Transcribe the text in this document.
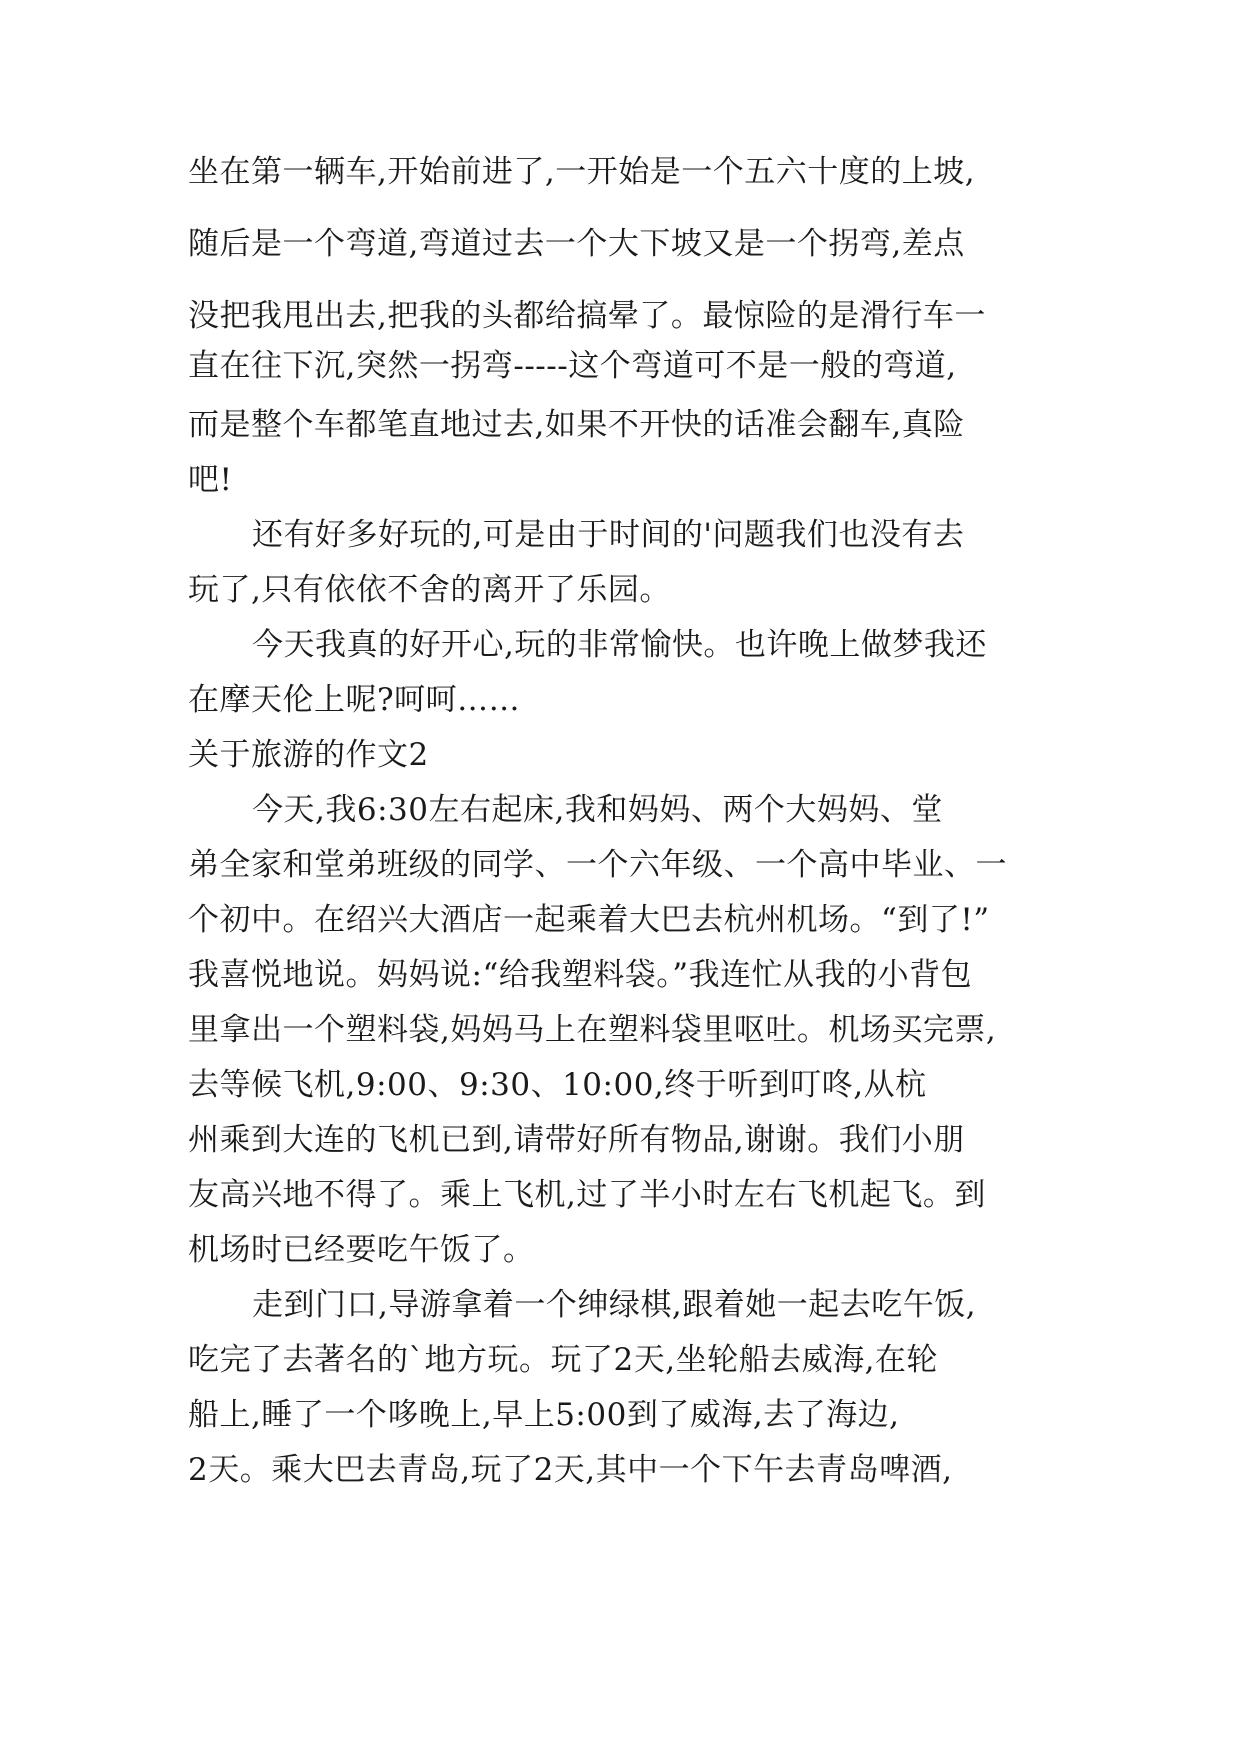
坐在第一辆车,开始前进了,一开始是一个五六十度的上坡,
随后是一个弯道,弯道过去一个大下坡又是一个拐弯,差点
没把我甩出去,把我的头都给搞晕了。最惊险的是滑行车一
直在往下沉,突然一拐弯-----这个弯道可不是一般的弯道,
而是整个车都笔直地过去,如果不开快的话准会翻车,真险
吧!
还有好多好玩的,可是由于时间的'问题我们也没有去
玩了,只有依依不舍的离开了乐园。
今天我真的好开心,玩的非常愉快。也许晚上做梦我还
在摩天伦上呢?呵呵……
关于旅游的作文2
今天,我6:30左右起床,我和妈妈、两个大妈妈、堂
弟全家和堂弟班级的同学、一个六年级、一个高中毕业、一
个初中。在绍兴大酒店一起乘着大巴去杭州机场。“到了!”
我喜悦地说。妈妈说:“给我塑料袋。”我连忙从我的小背包
里拿出一个塑料袋,妈妈马上在塑料袋里呕吐。机场买完票,
去等候飞机,9:00、9:30、10:00,终于听到叮咚,从杭
州乘到大连的飞机已到,请带好所有物品,谢谢。我们小朋
友高兴地不得了。乘上飞机,过了半小时左右飞机起飞。到
机场时已经要吃午饭了。
走到门口,导游拿着一个绅绿棋,跟着她一起去吃午饭,
吃完了去著名的`地方玩。玩了2天,坐轮船去威海,在轮
船上,睡了一个哆晚上,早上5:00到了威海,去了海边,
2天。乘大巴去青岛,玩了2天,其中一个下午去青岛啤酒,
